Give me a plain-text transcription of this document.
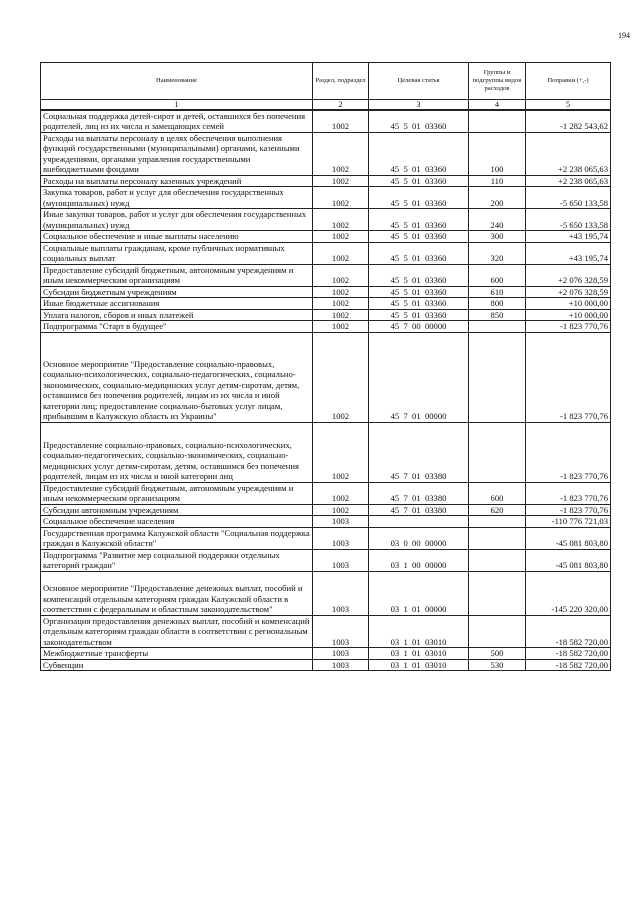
194
Наименование	Раздел, подраздел	Целевая статья	Группы и подгруппы видов расходов	Поправки (+,-)
1	2	3	4	5
Социальная поддержка детей-сирот и детей, оставшихся без попечения родителей, лиц из их числа и замещающих семей	1002	45  5  01  03360		-1 282 543,62
Расходы на выплаты персоналу в целях обеспечения выполнения функций государственными (муниципальными) органами, казенными учреждениями, органами управления государственными внебюджетными фондами	1002	45  5  01  03360	100	+2 238 065,63
Расходы на выплаты персоналу казенных учреждений	1002	45  5  01  03360	110	+2 238 065,63
Закупка товаров, работ и услуг для обеспечения государственных (муниципальных) нужд	1002	45  5  01  03360	200	-5 650 133,58
Иные закупки товаров, работ и услуг для обеспечения государственных (муниципальных) нужд	1002	45  5  01  03360	240	-5 650 133,58
Социальное обеспечение и иные выплаты населению	1002	45  5  01  03360	300	+43 195,74
Социальные выплаты гражданам, кроме публичных нормативных социальных выплат	1002	45  5  01  03360	320	+43 195,74
Предоставление субсидий бюджетным, автономным учреждениям и иным некоммерческим организациям	1002	45  5  01  03360	600	+2 076 328,59
Субсидии бюджетным учреждениям	1002	45  5  01  03360	610	+2 076 328,59
Иные бюджетные ассигнования	1002	45  5  01  03360	800	+10 000,00
Уплата налогов, сборов и иных платежей	1002	45  5  01  03360	850	+10 000,00
Подпрограмма "Старт в будущее"	1002	45  7  00  00000		-1 823 770,76
Основное мероприятие "Предоставление социально-правовых, социально-психологических, социально-педагогических, социально-экономических, социально-медицинских услуг детям-сиротам, детям, оставшимся без попечения родителей, лицам из их числа и иной категории лиц; предоставление социально-бытовых услуг лицам, прибывшим в Калужскую область из Украины"	1002	45  7  01  00000		-1 823 770,76
Предоставление социально-правовых, социально-психологических, социально-педагогических, социально-экономических, социально-медицинских услуг детям-сиротам, детям, оставшимся без попечения родителей, лицам из их числа и иной категории лиц	1002	45  7  01  03380		-1 823 770,76
Предоставление субсидий бюджетным, автономным учреждениям и иным некоммерческим организациям	1002	45  7  01  03380	600	-1 823 770,76
Субсидии автономным учреждениям	1002	45  7  01  03380	620	-1 823 770,76
Социальное обеспечение населения	1003			-110 776 721,03
Государственная программа Калужской области "Социальная поддержка граждан в Калужской области"	1003	03  0  00  00000		-45 081 803,80
Подпрограмма "Развитие мер социальной поддержки отдельных категорий граждан"	1003	03  1  00  00000		-45 081 803,80
Основное мероприятие "Предоставление денежных выплат, пособий и компенсаций отдельным категориям граждан Калужской области в соответствии с федеральным и областным законодательством"	1003	03  1  01  00000		-145 220 320,00
Организация предоставления денежных выплат, пособий и компенсаций отдельным категориям граждан области в соответствии с региональным законодательством	1003	03  1  01  03010		-18 582 720,00
Межбюджетные трансферты	1003	03  1  01  03010	500	-18 582 720,00
Субвенции	1003	03  1  01  03010	530	-18 582 720,00
